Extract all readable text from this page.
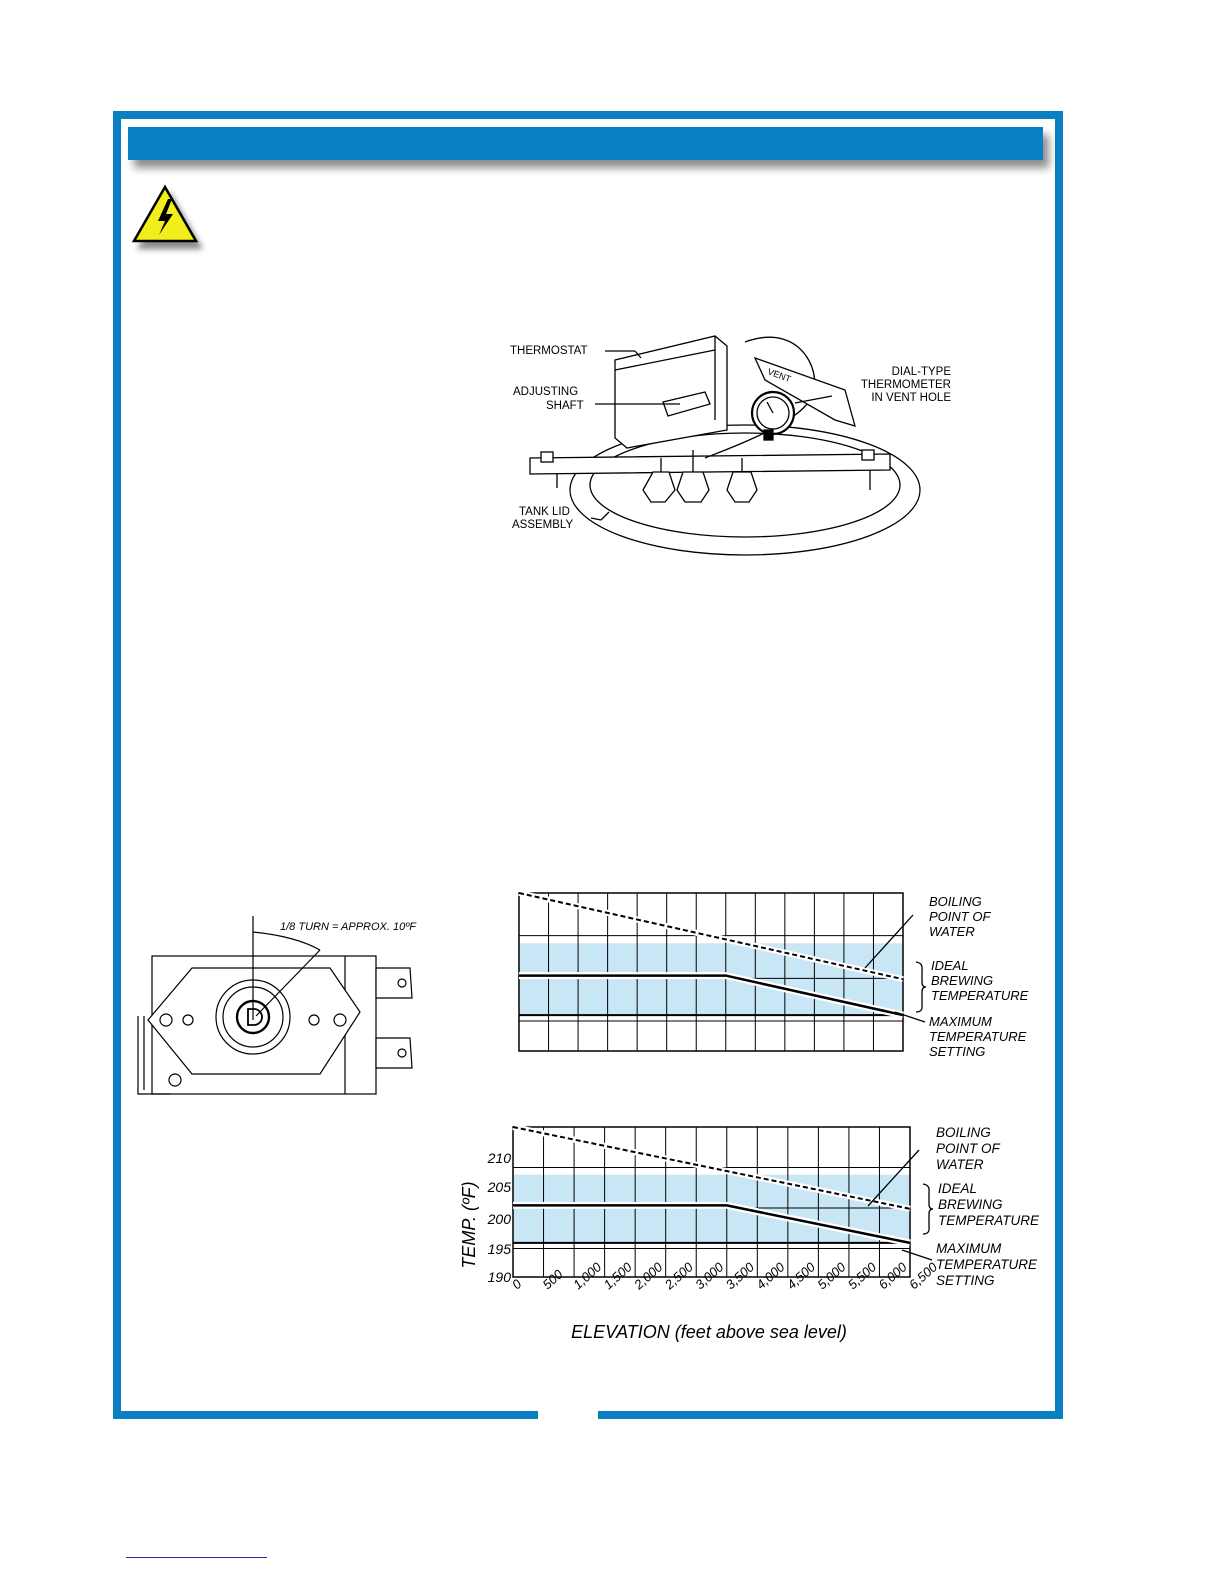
THERMOSTAT
ADJUSTING
SHAFT
VENT	DIAL-TYPE
THERMOMETER
IN VENT HOLE
TANK LID
ASSEMBLY
1/8 TURN = APPROX. 10ºF
BOILING
POINT OF
WATER
IDEAL
BREWING
TEMPERATURE
MAXIMUM
TEMPERATURE
SETTING
190
195
200
205
210
0 500 1,000
1,500
2,000
2,500
3,000
3,500
4,000
4,500
5,000
5,500
6,000
6,500
TEMP. (ºF)
ELEVATION (feet above sea level)
BOILING
POINT OF
WATER
IDEAL
BREWING
TEMPERATURE
MAXIMUM
TEMPERATURE
SETTING
